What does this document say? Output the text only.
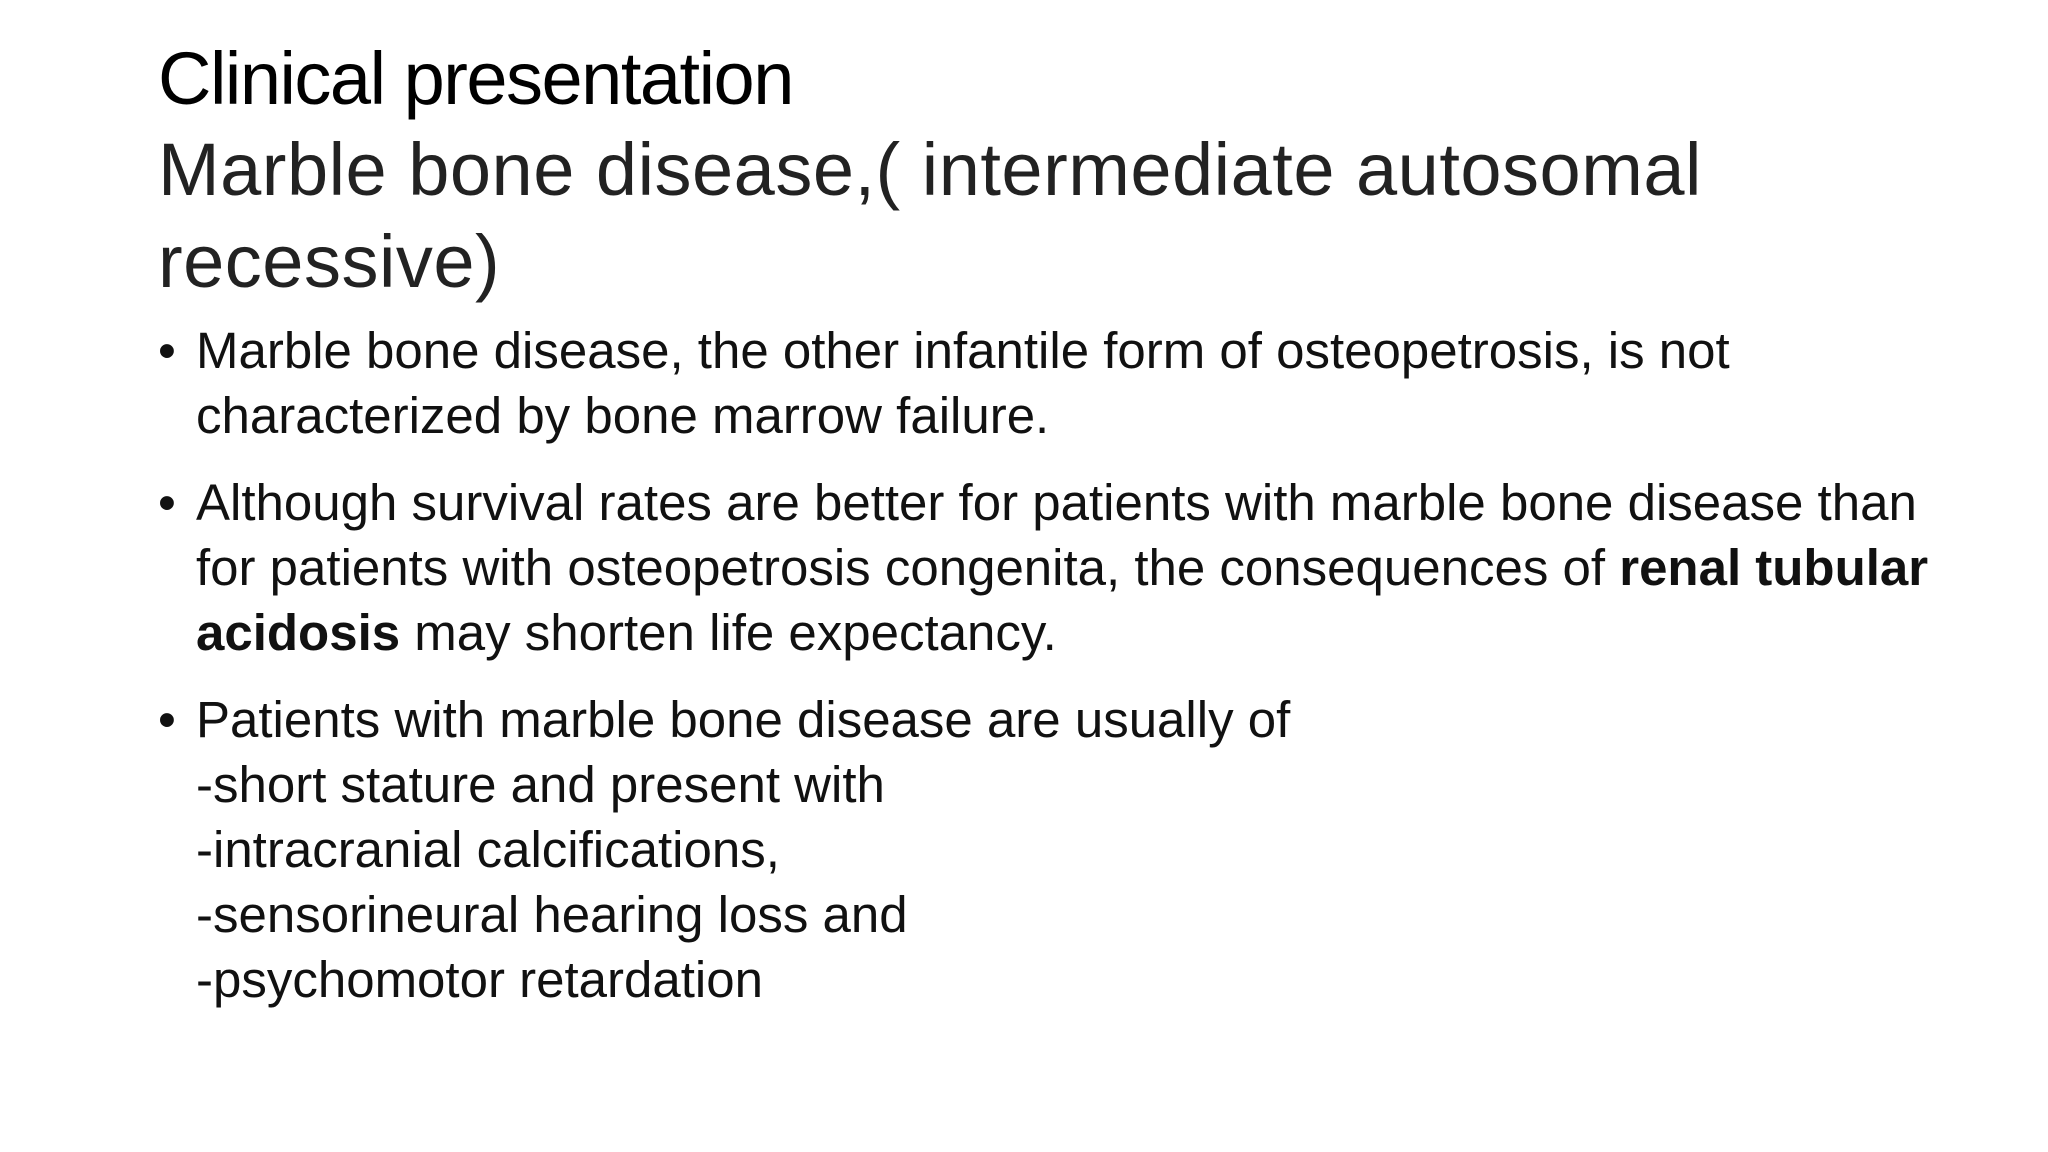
Clinical presentation
Marble bone disease,( intermediate autosomal recessive)
• Marble bone disease, the other infantile form of osteopetrosis, is not characterized by bone marrow failure.
• Although survival rates are better for patients with marble bone disease than for patients with osteopetrosis congenita, the consequences of renal tubular acidosis may shorten life expectancy.
• Patients with marble bone disease are usually of
-short stature and present with
-intracranial calcifications,
-sensorineural hearing loss and
-psychomotor retardation
